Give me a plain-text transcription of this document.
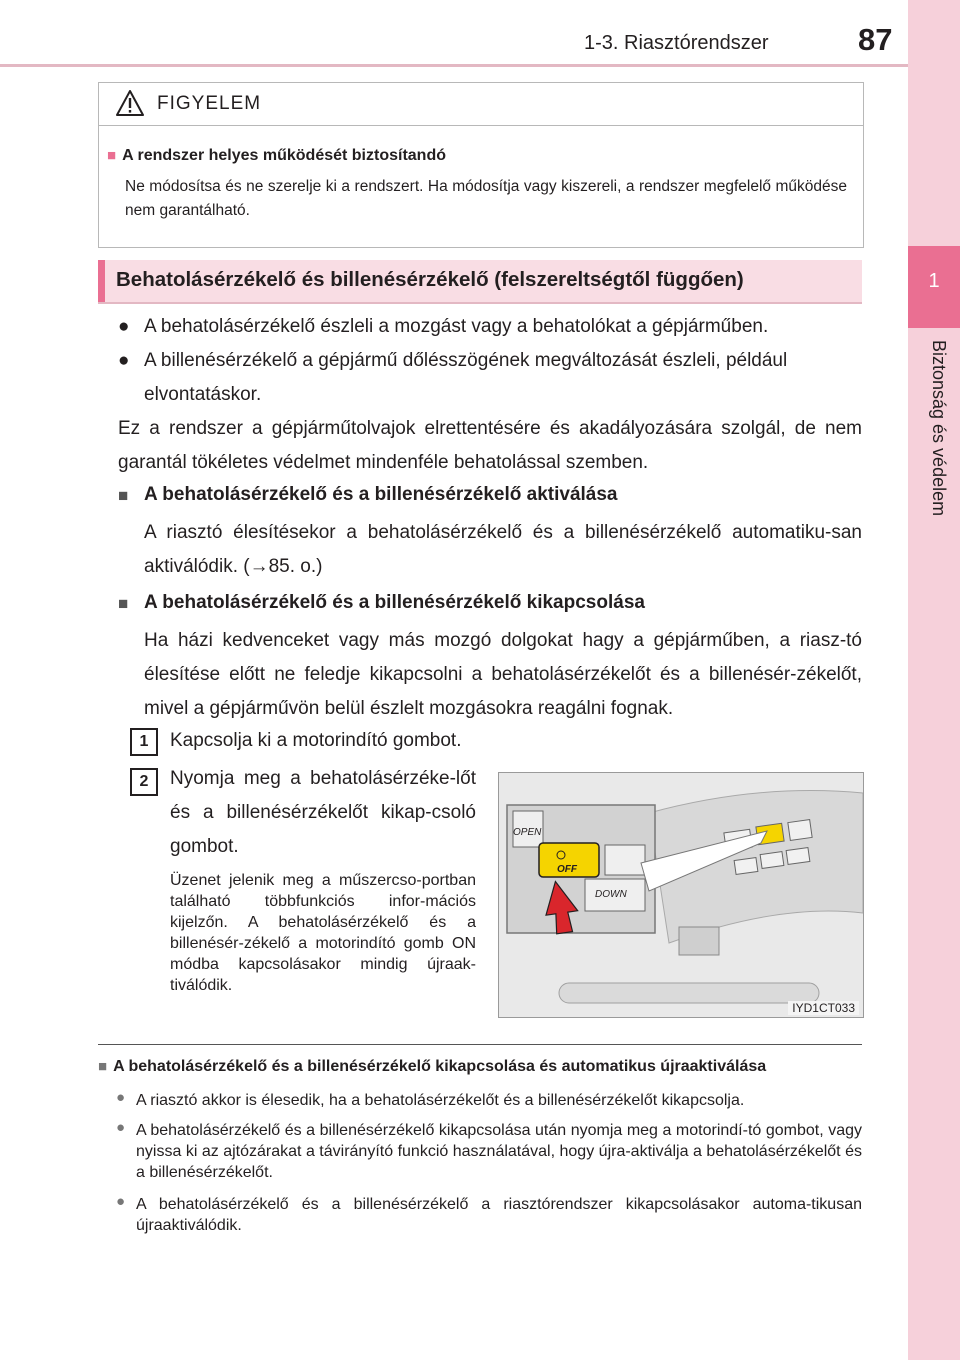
1-3. Riasztórendszer	87
1
Biztonság és védelem
FIGYELEM
■ A rendszer helyes működését biztosítandó
Ne módosítsa és ne szerelje ki a rendszert. Ha módosítja vagy kiszereli, a rendszer megfelelő működése nem garantálható.
Behatolásérzékelő és billenésérzékelő (felszereltségtől függően)
● A behatolásérzékelő észleli a mozgást vagy a behatolókat a gépjárműben.
● A billenésérzékelő a gépjármű dőlésszögének megváltozását észleli, például elvontatáskor.
Ez a rendszer a gépjárműtolvajok elrettentésére és akadályozására szolgál, de nem garantál tökéletes védelmet mindenféle behatolással szemben.
■ A behatolásérzékelő és a billenésérzékelő aktiválása
A riasztó élesítésekor a behatolásérzékelő és a billenésérzékelő automatiku-san aktiválódik. (→85. o.)
■ A behatolásérzékelő és a billenésérzékelő kikapcsolása
Ha házi kedvenceket vagy más mozgó dolgokat hagy a gépjárműben, a riasz-tó élesítése előtt ne feledje kikapcsolni a behatolásérzékelőt és a billenésér-zékelőt, mivel a gépjárművön belül észlelt mozgásokra reagálni fognak.
1	Kapcsolja ki a motorindító gombot.
2	Nyomja meg a behatolásérzéke-lőt és a billenésérzékelőt kikap-csoló gombot.
Üzenet jelenik meg a műszercso-portban található többfunkciós infor-mációs kijelzőn. A behatolásérzékelő és a billenésér-zékelő a motorindító gomb ON módba kapcsolásakor mindig újraak-tiválódik.
OPEN
OFF
DOWN
IYD1CT033
■ A behatolásérzékelő és a billenésérzékelő kikapcsolása és automatikus újraaktiválása
● A riasztó akkor is élesedik, ha a behatolásérzékelőt és a billenésérzékelőt kikapcsolja.
● A behatolásérzékelő és a billenésérzékelő kikapcsolása után nyomja meg a motorindí-tó gombot, vagy nyissa ki az ajtózárakat a távirányító funkció használatával, hogy újra-aktiválja a behatolásérzékelőt és a billenésérzékelőt.
● A behatolásérzékelő és a billenésérzékelő a riasztórendszer kikapcsolásakor automa-tikusan újraaktiválódik.
